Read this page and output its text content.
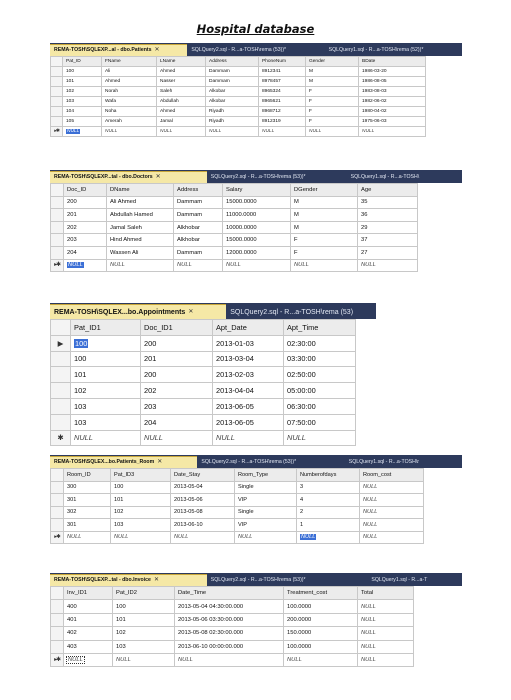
Hospital database
REMA-TOSH\SQLEXP...al - dbo.Patients ✕	SQLQuery2.sql - R...a-TOSH\rema (53))*	SQLQuery1.sql - R...a-TOSH\rema (52))*
	Pat_ID	FName	LName	Address	PhoneNum	Gender	BDate
	100	Ali	Ahmed	Dammam	8912341	M	1986-03-20
	101	Ahmed	Nasser	Dammam	8978457	M	1986-08-05
	102	Norah	Saleh	Alkobar	8965324	F	1983-08-03
	103	Wafa	Abdullah	Alkobar	8965621	F	1982-06-02
	104	Noha	Ahmed	Riyadh	8968712	F	1980-04-02
	105	Amerah	Jamal	Riyadh	8912319	F	1975-06-03
▸✱	NULL	NULL	NULL	NULL	NULL	NULL	NULL
REMA-TOSH\SQLEXP...tal - dbo.Doctors ✕	SQLQuery2.sql - R...a-TOSH\rema (53))*	SQLQuery1.sql - R...a-TOSH\
	Doc_ID	DName	Address	Salary	DGender	Age
	200	Ali Ahmed	Dammam	15000.0000	M	35
	201	Abdullah Hamed	Dammam	11000.0000	M	36
	202	Jamal Saleh	Alkhobar	10000.0000	M	29
	203	Hind Ahmed	Alkhobar	15000.0000	F	37
	204	Wassen Ali	Dammam	12000.0000	F	27
▸✱	NULL	NULL	NULL	NULL	NULL	NULL
REMA-TOSH\SQLEX...bo.Appointments ✕	SQLQuery2.sql - R...a-TOSH\rema (53)
	Pat_ID1	Doc_ID1	Apt_Date	Apt_Time
▶	100	200	2013-01-03	02:30:00
	100	201	2013-03-04	03:30:00
	101	200	2013-02-03	02:50:00
	102	202	2013-04-04	05:00:00
	103	203	2013-06-05	06:30:00
	103	204	2013-06-05	07:50:00
✱	NULL	NULL	NULL	NULL
REMA-TOSH\SQLEX...bo.Patients_Room ✕	SQLQuery2.sql - R...a-TOSH\rema (53))*	SQLQuery1.sql - R...a-TOSH\r
	Room_ID	Pat_ID3	Date_Stay	Room_Type	Numberofdays	Room_cost
	300	100	2013-05-04	Single	3	NULL
	301	101	2013-05-06	VIP	4	NULL
	302	102	2013-05-08	Single	2	NULL
	301	103	2013-06-10	VIP	1	NULL
▸✱	NULL	NULL	NULL	NULL	NULL	NULL
REMA-TOSH\SQLEXP...tal - dbo.Invoice ✕	SQLQuery2.sql - R...a-TOSH\rema (53))*	SQLQuery1.sql - R...a-T
	Inv_ID1	Pat_ID2	Date_Time	Treatment_cost	Total
	400	100	2013-05-04 04:30:00.000	100.0000	NULL
	401	101	2013-05-06 03:30:00.000	200.0000	NULL
	402	102	2013-05-08 02:30:00.000	150.0000	NULL
	403	103	2013-06-10 00:00:00.000	100.0000	NULL
▸✱	NULL	NULL	NULL	NULL	NULL
